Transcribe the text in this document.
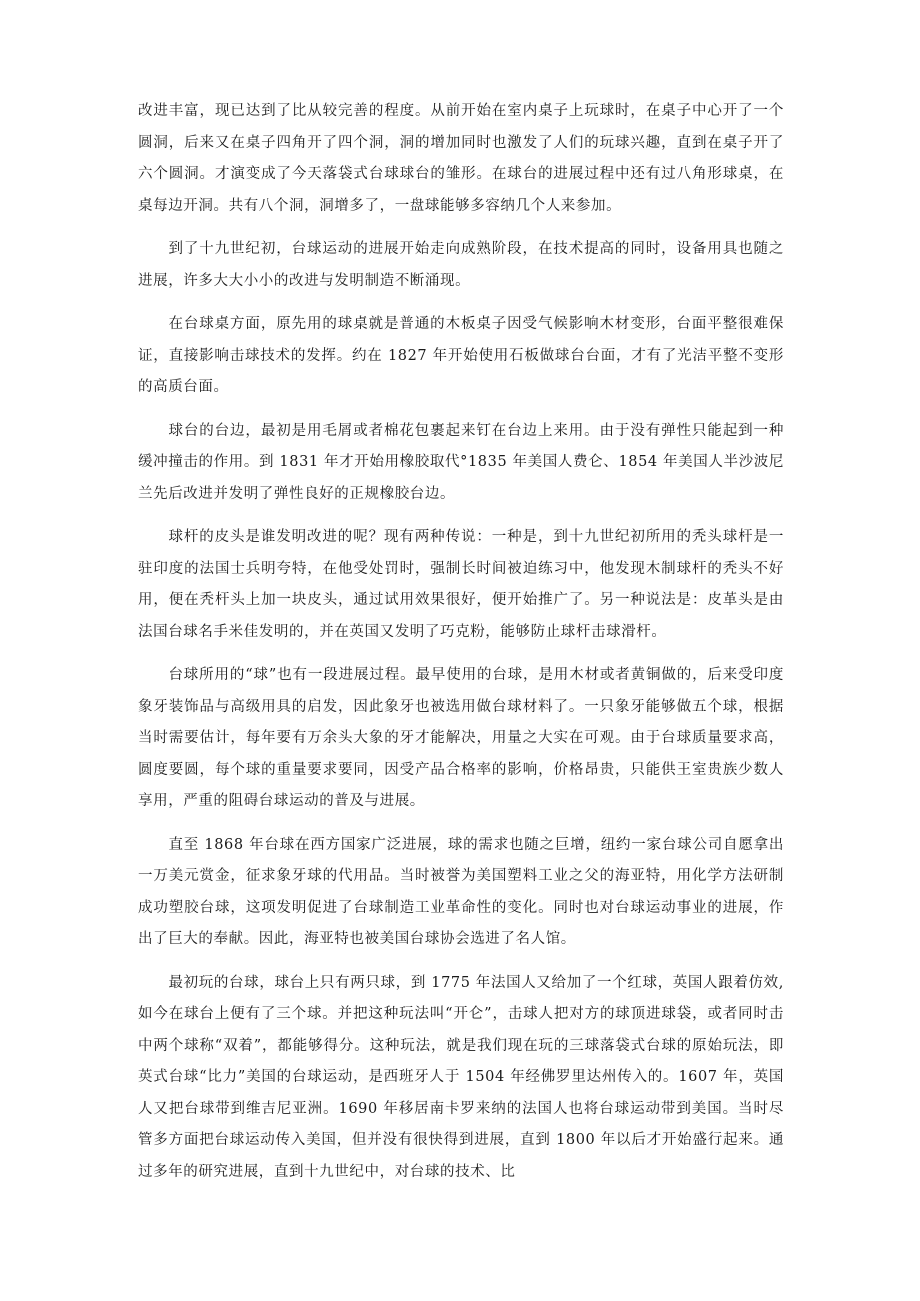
改进丰富，现已达到了比从较完善的程度。从前开始在室内桌子上玩球时，在桌子中心开了一个圆洞，后来又在桌子四角开了四个洞，洞的增加同时也激发了人们的玩球兴趣，直到在桌子开了六个圆洞。才演变成了今天落袋式台球球台的雏形。在球台的进展过程中还有过八角形球桌，在桌每边开洞。共有八个洞，洞增多了，一盘球能够多容纳几个人来参加。

到了十九世纪初，台球运动的进展开始走向成熟阶段，在技术提高的同时，设备用具也随之进展，许多大大小小的改进与发明制造不断涌现。

在台球桌方面，原先用的球桌就是普通的木板桌子因受气候影响木材变形，台面平整很难保证，直接影响击球技术的发挥。约在 1827 年开始使用石板做球台台面，才有了光洁平整不变形的高质台面。

球台的台边，最初是用毛屑或者棉花包裹起来钉在台边上来用。由于没有弹性只能起到一种缓冲撞击的作用。到 1831 年才开始用橡胶取代°1835 年美国人费仑、1854 年美国人半沙波尼兰先后改进并发明了弹性良好的正规橡胶台边。

球杆的皮头是谁发明改进的呢？现有两种传说：一种是，到十九世纪初所用的秃头球杆是一驻印度的法国士兵明夸特，在他受处罚时，强制长时间被迫练习中，他发现木制球杆的秃头不好用，便在秃杆头上加一块皮头，通过试用效果很好，便开始推广了。另一种说法是：皮革头是由法国台球名手米佳发明的，并在英国又发明了巧克粉，能够防止球杆击球滑杆。

台球所用的“球”也有一段进展过程。最早使用的台球，是用木材或者黄铜做的，后来受印度象牙装饰品与高级用具的启发，因此象牙也被选用做台球材料了。一只象牙能够做五个球，根据当时需要估计，每年要有万余头大象的牙才能解决，用量之大实在可观。由于台球质量要求高，圆度要圆，每个球的重量要求要同，因受产品合格率的影响，价格昂贵，只能供王室贵族少数人享用，严重的阻碍台球运动的普及与进展。

直至 1868 年台球在西方国家广泛进展，球的需求也随之巨增，纽约一家台球公司自愿拿出一万美元赏金，征求象牙球的代用品。当时被誉为美国塑料工业之父的海亚特，用化学方法研制成功塑胶台球，这项发明促进了台球制造工业革命性的变化。同时也对台球运动事业的进展，作出了巨大的奉献。因此，海亚特也被美国台球协会选进了名人馆。

最初玩的台球，球台上只有两只球，到 1775 年法国人又给加了一个红球，英国人跟着仿效, 如今在球台上便有了三个球。并把这种玩法叫“开仑”，击球人把对方的球顶进球袋，或者同时击中两个球称“双着”，都能够得分。这种玩法，就是我们现在玩的三球落袋式台球的原始玩法，即英式台球“比力”美国的台球运动，是西班牙人于 1504 年经佛罗里达州传入的。1607 年，英国人又把台球带到维吉尼亚洲。1690 年移居南卡罗来纳的法国人也将台球运动带到美国。当时尽管多方面把台球运动传入美国，但并没有很快得到进展，直到 1800 年以后才开始盛行起来。通过多年的研究进展，直到十九世纪中，对台球的技术、比
